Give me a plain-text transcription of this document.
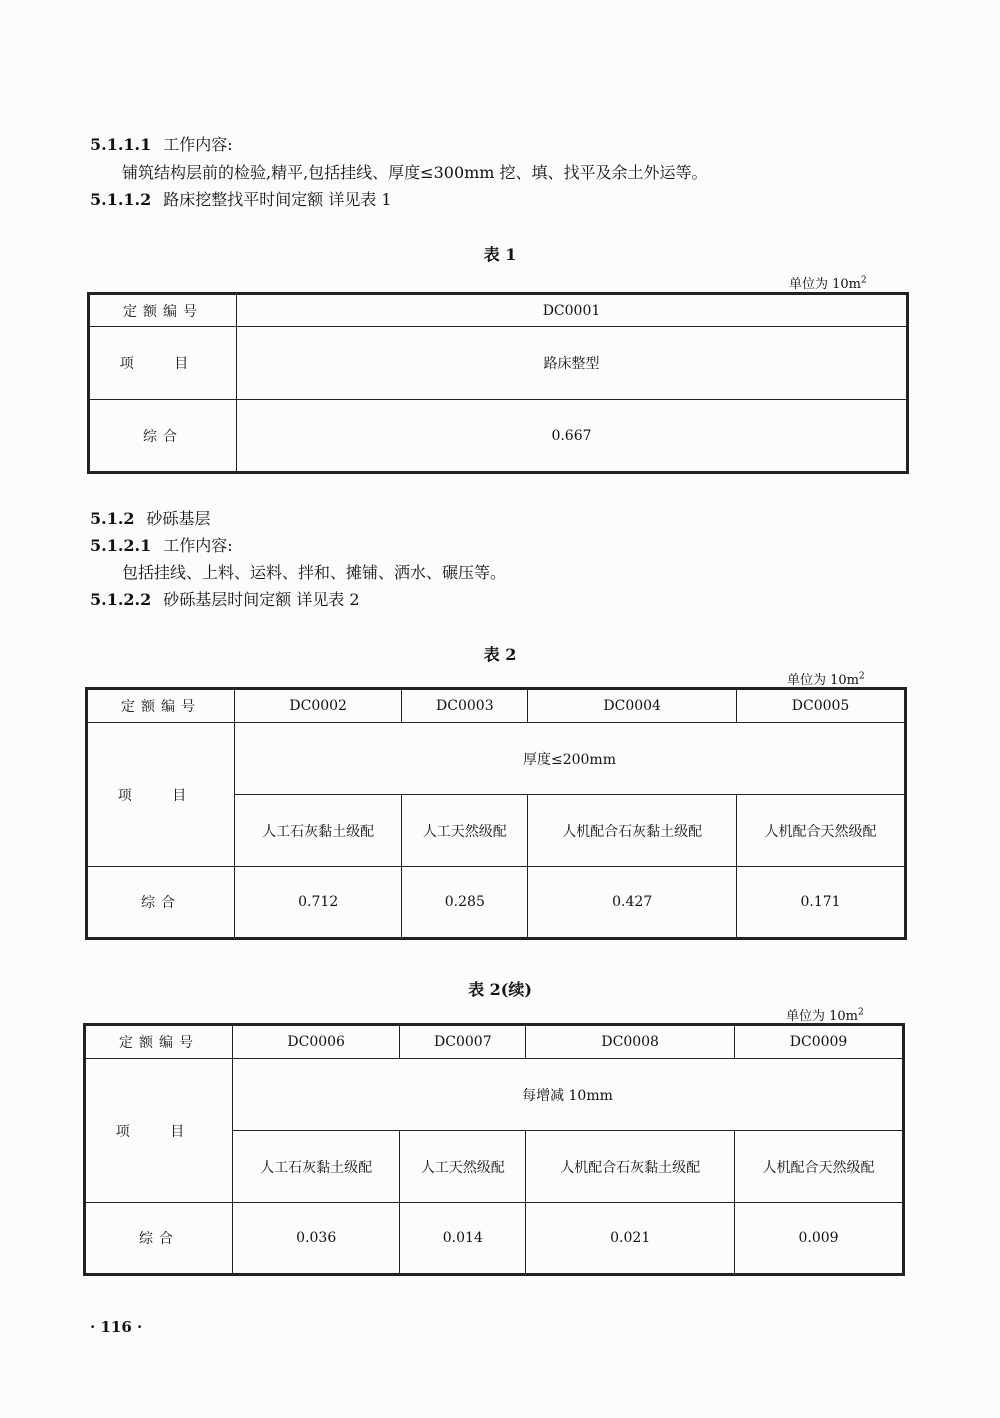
5.1.1.1 工作内容:
铺筑结构层前的检验,精平,包括挂线、厚度≤300mm 挖、填、找平及余土外运等。
5.1.1.2 路床挖整找平时间定额 详见表 1
表 1
单位为 $10m^2$
定额编号	DC0001
项 目	路床整型
综合	0.667
5.1.2 砂砾基层
5.1.2.1 工作内容:
包括挂线、上料、运料、拌和、摊铺、洒水、碾压等。
5.1.2.2 砂砾基层时间定额 详见表 2
表 2
单位为 $10m^2$
定额编号	DC0002	DC0003	DC0004	DC0005
项 目	厚度≤200mm			
	人工石灰黏土级配	人工天然级配	人机配合石灰黏土级配	人机配合天然级配
综合	0.712	0.285	0.427	0.171
表 2(续)
单位为 $10m^2$
定额编号	DC0006	DC0007	DC0008	DC0009
项 目	每增减 10mm			
	人工石灰黏土级配	人工天然级配	人机配合石灰黏土级配	人机配合天然级配
综合	0.036	0.014	0.021	0.009
· 116 ·
